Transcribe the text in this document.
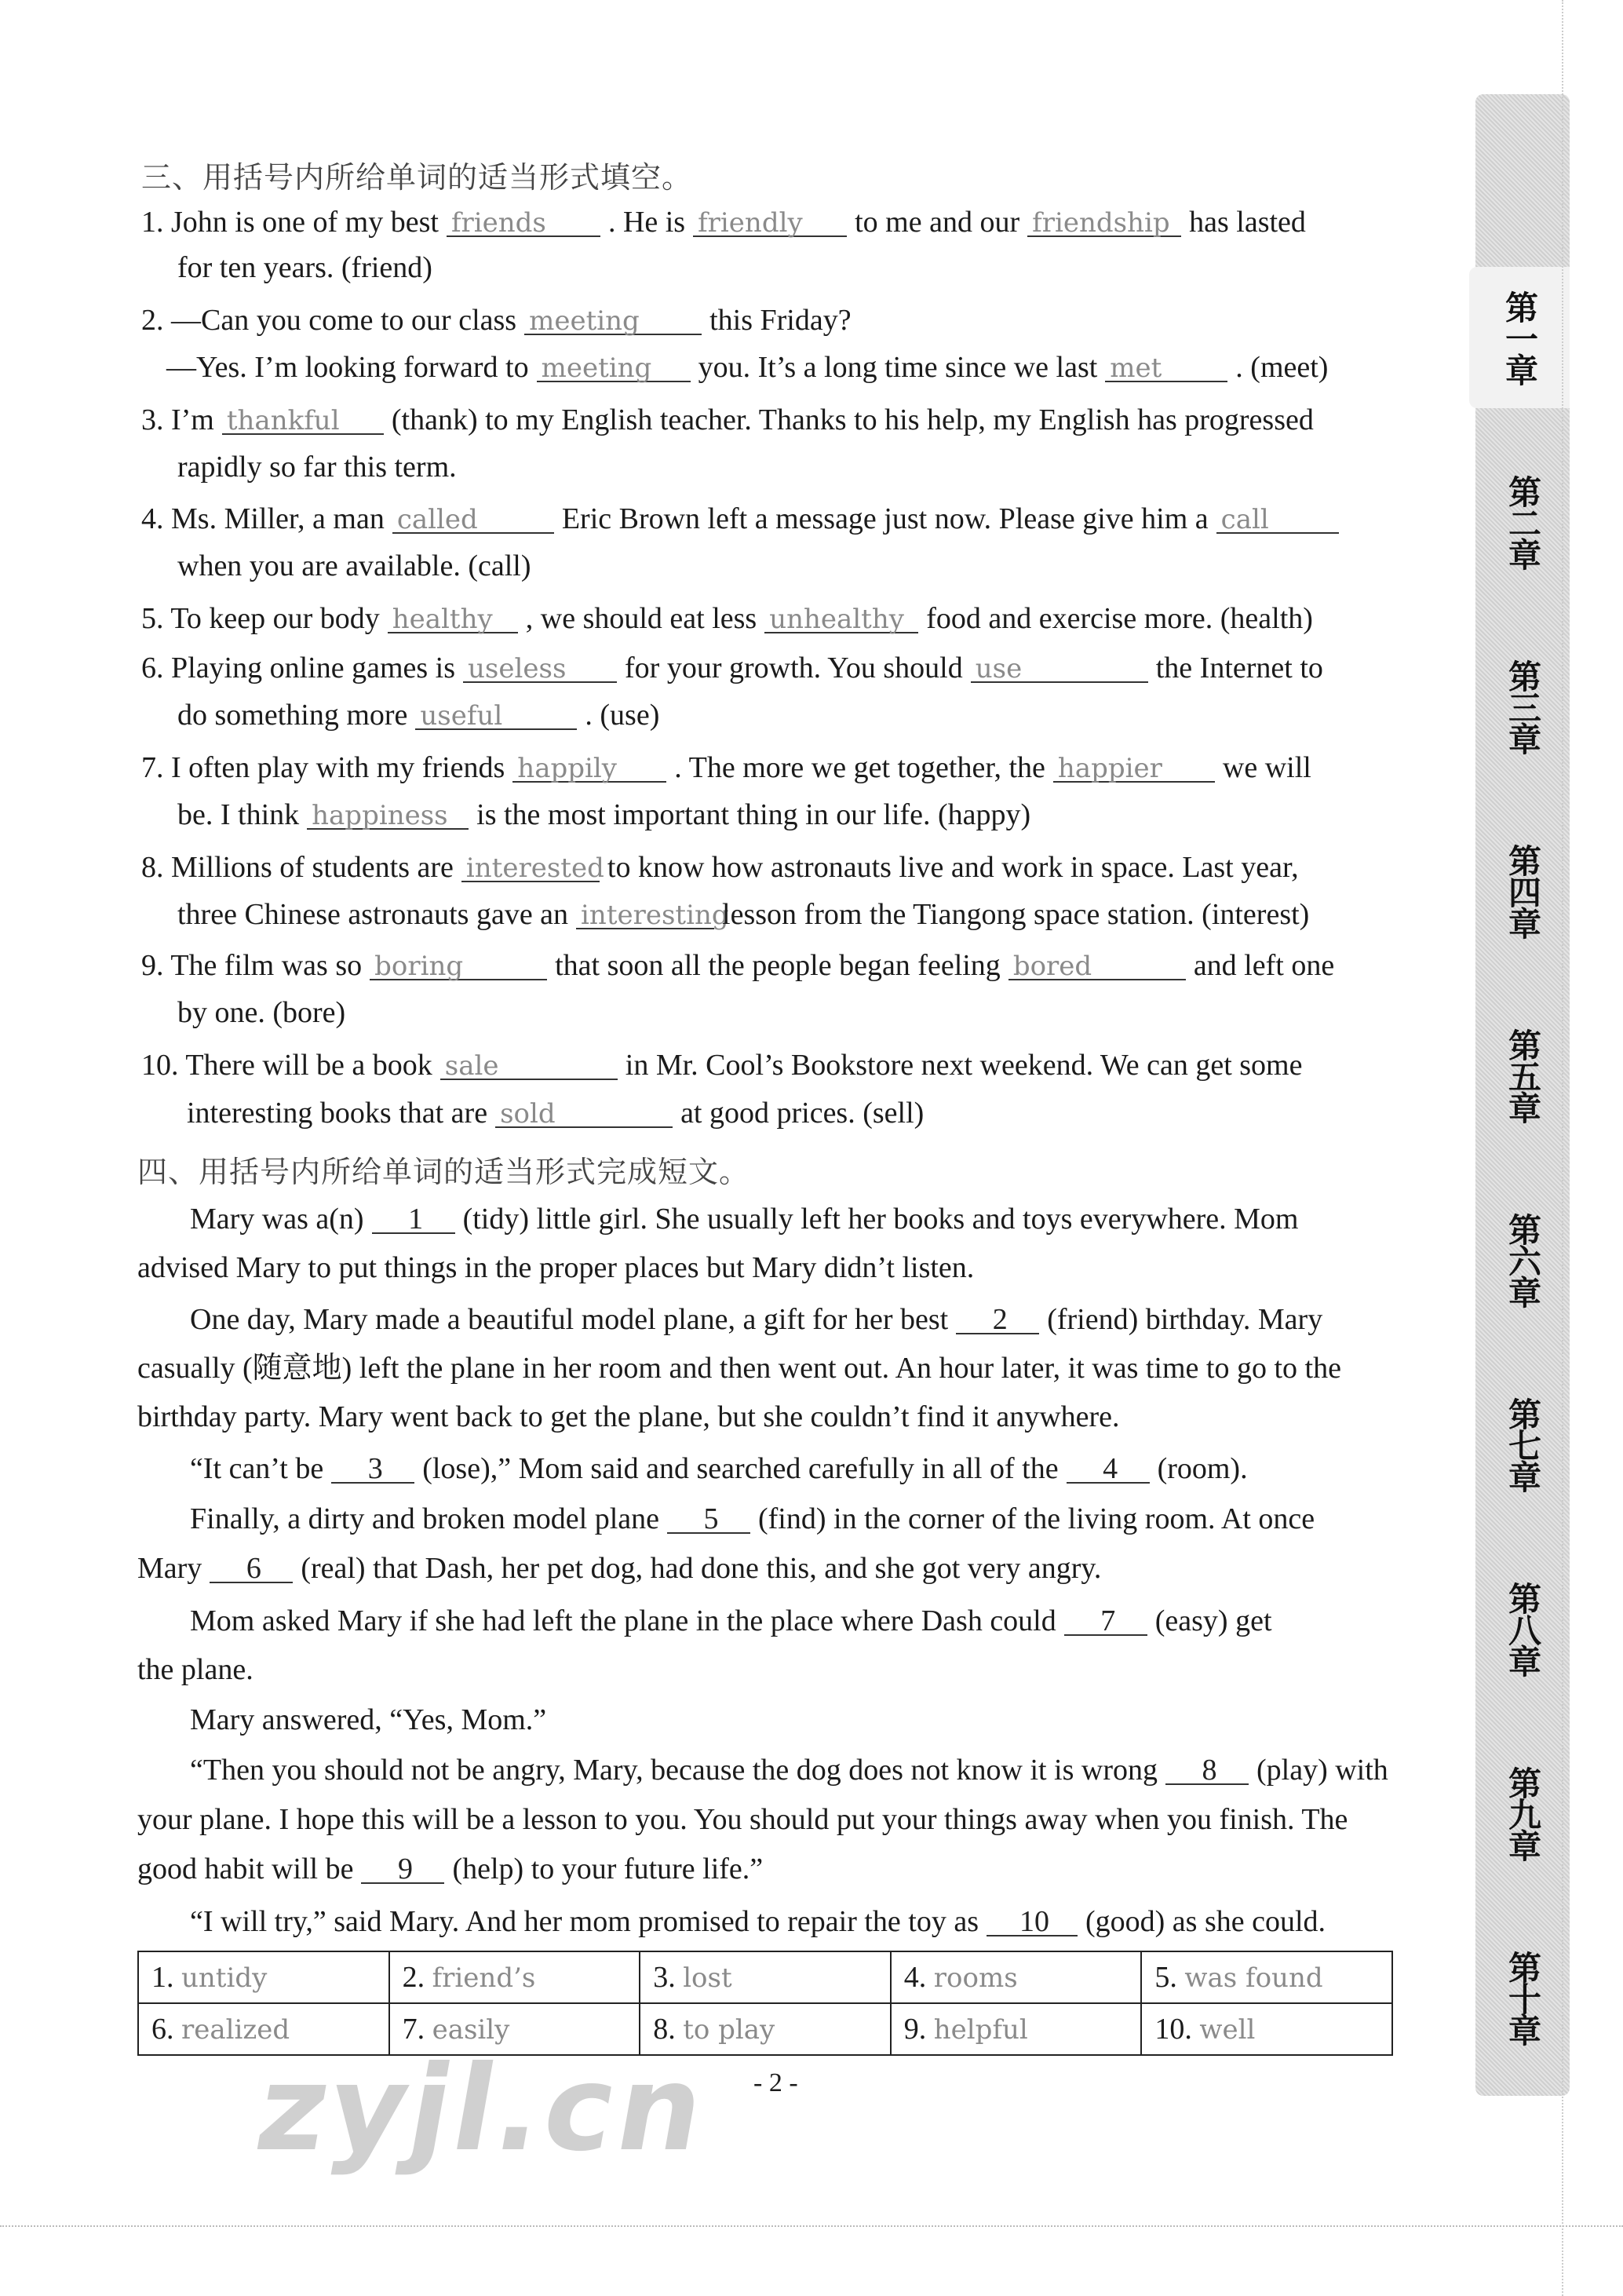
三、用括号内所给单词的适当形式填空。
1. John is one of my best friends . He is friendly to me and our friendship has lasted
for ten years. (friend)
2. —Can you come to our class meeting this Friday?
—Yes. I’m looking forward to meeting you. It’s a long time since we last met . (meet)
3. I’m thankful (thank) to my English teacher. Thanks to his help, my English has progressed
rapidly so far this term.
4. Ms. Miller, a man called	Eric Brown left a message just now. Please give him a call
when you are available. (call)
5. To keep our body healthy , we should eat less unhealthy food and exercise more. (health)
6. Playing online games is useless for your growth. You should use	the Internet to
do something more useful	. (use)
7. I often play with my friends happily . The more we get together, the happier we will
be. I think happiness is the most important thing in our life. (happy)
8. Millions of students are interested to know how astronauts live and work in space. Last year,
three Chinese astronauts gave an interestinglesson from the Tiangong space station. (interest)
9. The film was so boring	that soon all the people began feeling bored	and left one
by one. (bore)
10. There will be a book sale	in Mr. Cool’s Bookstore next weekend. We can get some
interesting books that are sold	at good prices. (sell)
四、用括号内所给单词的适当形式完成短文。
Mary was a(n)	1	(tidy) little girl. She usually left her books and toys everywhere. Mom
advised Mary to put things in the proper places but Mary didn’t listen.
One day, Mary made a beautiful model plane, a gift for her best	2	(friend) birthday. Mary
casually (随意地) left the plane in her room and then went out. An hour later, it was time to go to the
birthday party. Mary went back to get the plane, but she couldn’t find it anywhere.
“It can’t be	3	(lose),” Mom said and searched carefully in all of the	4	(room).
Finally, a dirty and broken model plane	5	(find) in the corner of the living room. At once
Mary	6	(real) that Dash, her pet dog, had done this, and she got very angry.
Mom asked Mary if she had left the plane in the place where Dash could	7	(easy) get
the plane.
Mary answered, “Yes, Mom.”
“Then you should not be angry, Mary, because the dog does not know it is wrong	8	(play) with
your plane. I hope this will be a lesson to you. You should put your things away when you finish. The
good habit will be	9	(help) to your future life.”
“I will try,” said Mary. And her mom promised to repair the toy as	10	(good) as she could.
1. untidy	2. friend’s	3. lost	4. rooms	5. was found
6. realized	7. easily	8. to play	9. helpful	10. well
zyjl.cn - 2 -
第一章
第二章
第三章
第四章
第五章
第六章
第七章
第八章
第九章
第十章
